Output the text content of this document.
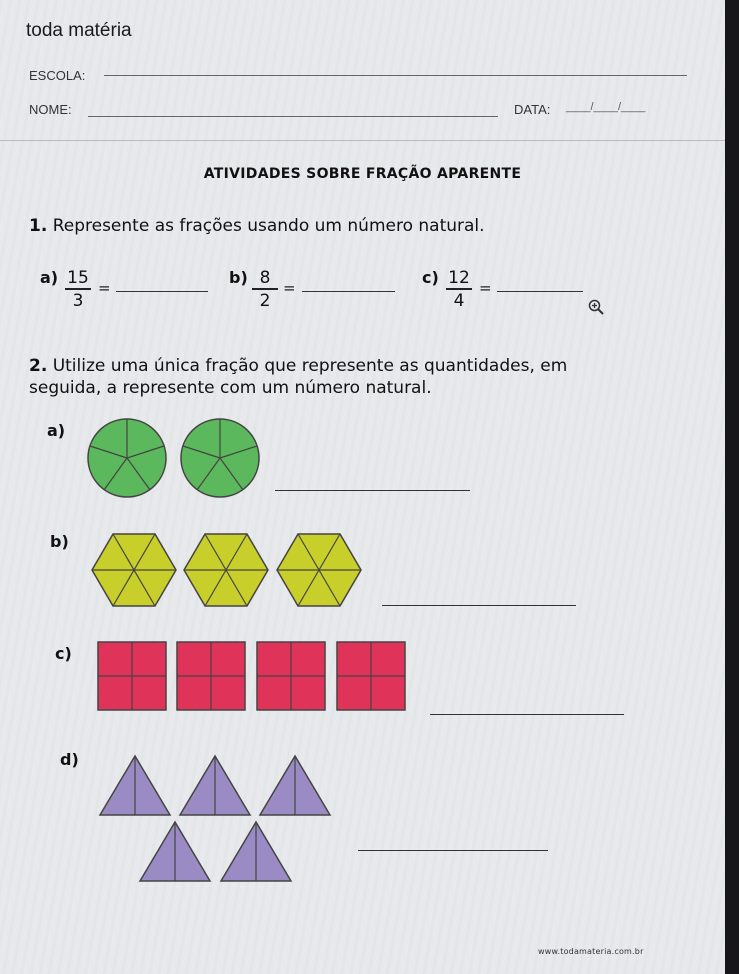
toda matéria
ESCOLA:
NOME:	DATA: ____/____/____
ATIVIDADES SOBRE FRAÇÃO APARENTE
1. Represente as frações usando um número natural.
$a) \frac{15}{3}$ =
$b) \frac{8}{2}$ =
$c) \frac{12}{4}$ =
2. Utilize uma única fração que represente as quantidades, em
seguida, a represente com um número natural.
a)
b)
c)
d)
www.todamateria.com.br
